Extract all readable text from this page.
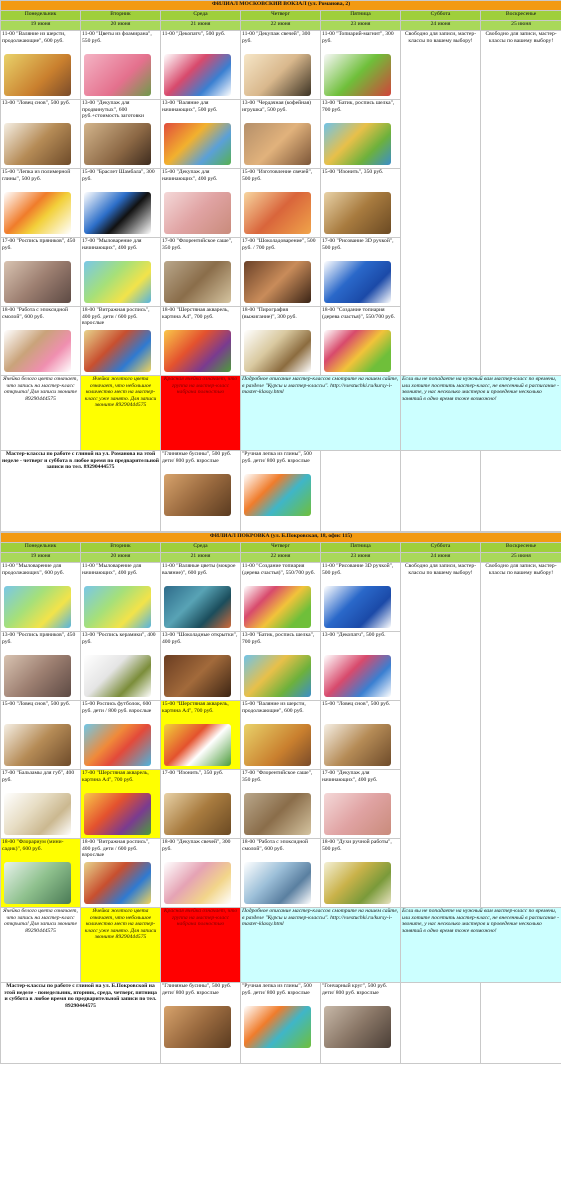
ФИЛИАЛ МОСКОВСКИЙ ВОКЗАЛ (ул. Романова, 2)						
Понедельник	Вторник	Среда	Четверг	Пятница	Суббота	Воскресенье
19 июня	20 июня	21 июня	22 июня	23 июня	24 июня	25 июня

11-00 "Валяние из шерсти, продолжающие", 600 руб.	11-00 "Цветы из фоамирана", 550 руб.	11-00 "Декопатч", 500 руб.	11-00 "Декупаж свечей", 300 руб.	11-00 "Топиарий-магнит", 300 руб.	Свободно для записи, мастер-классы по вашему выбору!	Свободно для записи, мастер-классы по вашему выбору!

13-00 "Ловец снов", 500 руб.	13-00 "Декупаж для продвинутых", 600 руб.+стоимость заготовки	13-00 "Валяние для начинающих", 500 руб.	13-00 "Чердачная (кофейная) игрушка", 500 руб.	13-00 "Батик, роспись шелка", 700 руб.		

15-00 "Лепка из полимерной глины", 500 руб.	15-00 "Браслет Шамбала", 300 руб.	15-00 "Декупаж для начинающих", 400 руб.	15-00 "Изготовление свечей", 500 руб.	15-00 "Изонить", 350 руб.		

17-00 "Роспись пряников", 450 руб.	17-00 "Мыловарение для начинающих", 400 руб.	17-00 "Флорентийское саше", 350 руб.	17-00 "Шоколадоварение", 500 руб. / 700 руб.	17-00 "Рисование 3D ручкой", 500 руб.		

18-00 "Работа с эпоксидной смолой", 600 руб.	18-00 "Витражная роспись", 400 руб. дети / 600 руб. взрослые	18-00 "Шерстяная акварель, картина А4", 700 руб.	18-00 "Пирография (выжигание)", 300 руб.	18-00 "Создание топиария (дерева счастья)", 550/700 руб.		

Ячейка белого цвета означает, что запись на мастер-класс открыта! Для записи звоните 89290444575	Ячейка желтого цвета означает, что небольшое количество мест на мастер-класс уже занято. Для записи звоните 89290444575	Красная ячейка означает, что группа на мастер-класс набрана полностью	Подробное описание мастер-классов смотрите на нашем сайте, в разделе "Курсы и мастер-классы". http://vsestuchki.ru/kursy-i-master-klassy.html		Если вы не попадаете на нужный вам мастер-класс по времени, или хотите посетить мастер-класс, не внесенный в расписание - звоните, у нас несколько мастеров и проведение несколько занятий в одно время тоже возможно!	
Мастер-классы по работе с глиной на ул. Романова на этой неделе - четверг и суббота в любое время по предварительной записи по тел. 89290444575		"Глиняные бусины", 500 руб. дети/ 800 руб. взрослые	"Ручная лепка из глины", 500 руб. дети/ 800 руб. взрослые			

ФИЛИАЛ ПОКРОВКА (ул. Б.Покровская, 18, офис 115)						
Понедельник	Вторник	Среда	Четверг	Пятница	Суббота	Воскресенье
19 июня	20 июня	21 июня	22 июня	23 июня	24 июня	25 июня

11-00 "Мыловарение для продолжающих", 600 руб.	11-00 "Мыловарение для начинающих", 400 руб.	11-00 "Валяные цветы (мокрое валяние)", 600 руб.	11-00 "Создание топиария (дерева счастья)", 550/700 руб.	11-00 "Рисование 3D ручкой", 500 руб.	Свободно для записи, мастер-классы по вашему выбору!	Свободно для записи, мастер-классы по вашему выбору!

13-00 "Роспись пряников", 450 руб.	13-00 "Роспись керамики", 400 руб.	13-00 "Шоколадные открытки", 400 руб.	13-00 "Батик, роспись шелка", 700 руб.	13-00 "Декопатч", 500 руб.		

15-00 "Ловец снов", 500 руб.	15-00 Роспись футболок, 600 руб. дети / 800 руб. взрослые	15-00 "Шерстяная акварель, картина А4", 700 руб.	15-00 "Валяние из шерсти, продолжающие", 600 руб.	15-00 "Ловец снов", 500 руб.		

17-00 "Бальзамы для губ", 400 руб.	17-00 "Шерстяная акварель, картина А4", 700 руб.	17-00 "Изонить", 350 руб.	17-00 "Флорентийское саше", 350 руб.	17-00 "Декупаж для начинающих", 400 руб.		

18-00 "Флорариум (мини-садик)", 600 руб.	18-00 "Витражная роспись", 400 руб. дети / 600 руб. взрослые	18-00 "Декупаж свечей", 300 руб.	18-00 "Работа с эпоксидной смолой", 600 руб.	18-00 "Духи ручной работы", 500 руб.		

Ячейка белого цвета означает, что запись на мастер-класс открыта! Для записи звоните 89290444575	Ячейка желтого цвета означает, что небольшое количество мест на мастер-класс уже занято. Для записи звоните 89290444575	Красная ячейка означает, что группа на мастер-класс набрана полностью	Подробное описание мастер-классов смотрите на нашем сайте, в разделе "Курсы и мастер-классы". http://vsestuchki.ru/kursy-i-master-klassy.html		Если вы не попадаете на нужный вам мастер-класс по времени, или хотите посетить мастер-класс, не внесенный в расписание - звоните, у нас несколько мастеров и проведение несколько занятий в одно время тоже возможно!	
Мастер-классы по работе с глиной на ул. Б.Покровской на этой неделе - понедельник, вторник, среда, четверг, пятница и суббота в любое время по предварительной записи по тел. 89290444575		"Глиняные бусины", 500 руб. дети/ 800 руб. взрослые	"Ручная лепка из глины", 500 руб. дети/ 800 руб. взрослые	"Гончарный круг", 500 руб. дети/ 800 руб. взрослые		
